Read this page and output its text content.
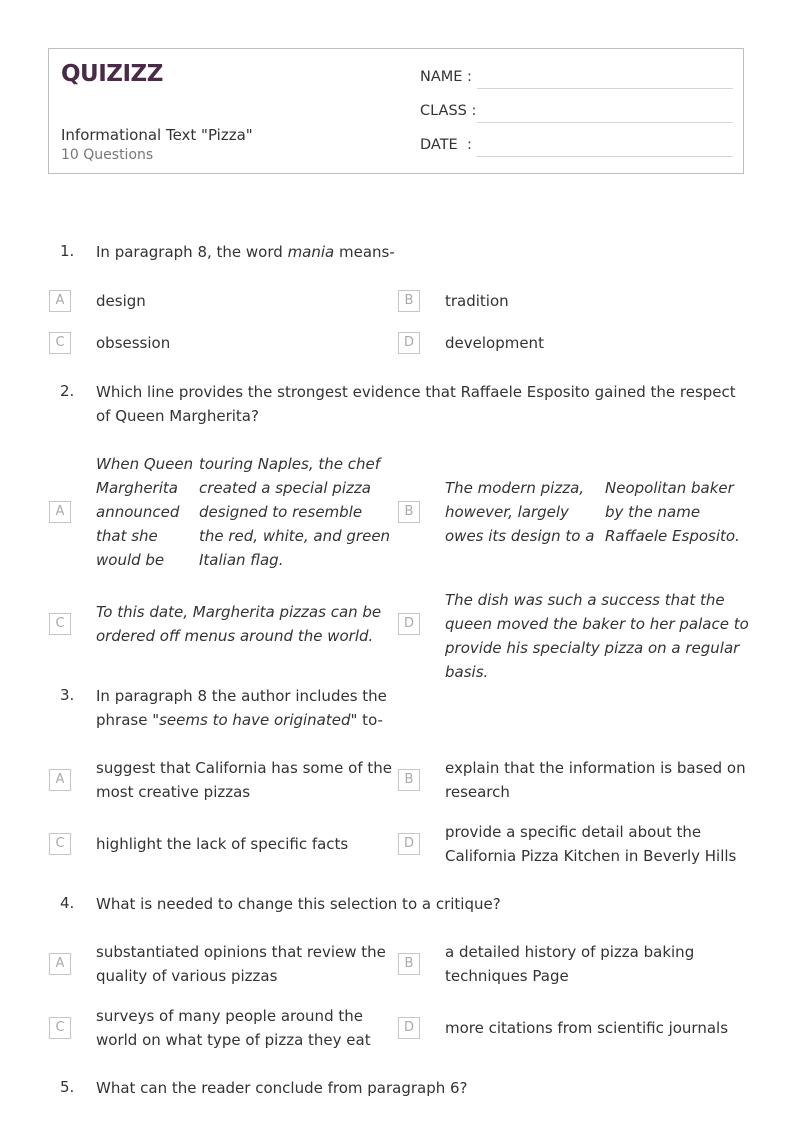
QUIZIZZ
Informational Text "Pizza"
10 Questions
NAME :
CLASS :
DATE  :
1. In paragraph 8, the word mania means-
A	design	B	tradition
C	obsession	D	development
2. Which line provides the strongest evidence that Raffaele Esposito gained the respect of Queen Margherita?
A
When Queen Margherita announced that she would be
touring Naples, the chef created a special pizza designed to resemble the red, white, and green Italian flag.
B
The modern pizza, however, largely owes its design to a
Neopolitan baker by the name Raffaele Esposito.
C
To this date, Margherita pizzas can be ordered off menus around the world.
D
The dish was such a success that the queen moved the baker to her palace to provide his specialty pizza on a regular basis.
3. In paragraph 8 the author includes the
phrase "seems to have originated" to-
A
suggest that California has some of the most creative pizzas
B
explain that the information is based on research
C	highlight the lack of specific facts	D
provide a specific detail about the California Pizza Kitchen in Beverly Hills
4. What is needed to change this selection to a critique?
A
substantiated opinions that review the quality of various pizzas
B
a detailed history of pizza baking techniques Page
C
surveys of many people around the world on what type of pizza they eat
D	more citations from scientific journals
5. What can the reader conclude from paragraph 6?
